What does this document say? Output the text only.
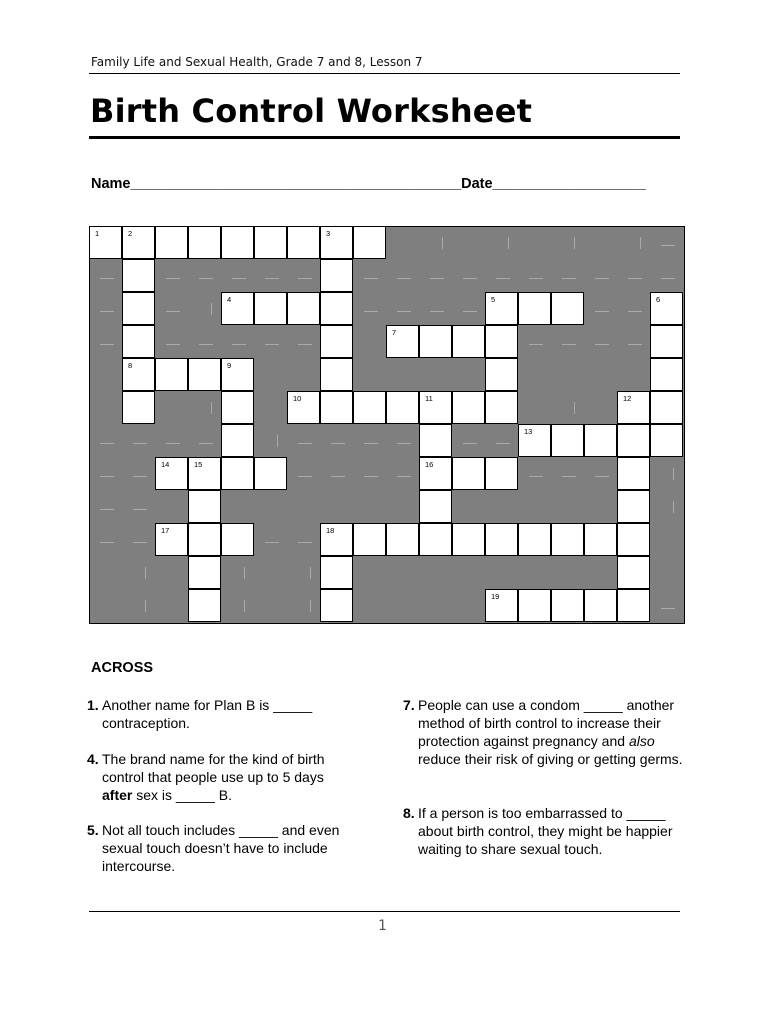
Family Life and Sexual Health, Grade 7 and 8, Lesson 7
Birth Control Worksheet
Name_________________________________________Date___________________
1	2	3
4	5	6
7
8	9
10	11	12
13
14	15	16
17	18
19
ACROSS
1. Another name for Plan B is _____ contraception.
4. The brand name for the kind of birth control that people use up to 5 days after sex is _____ B.
5. Not all touch includes _____ and even sexual touch doesn’t have to include intercourse.
7. People can use a condom _____ another method of birth control to increase their protection against pregnancy and also reduce their risk of giving or getting germs.
8. If a person is too embarrassed to _____ about birth control, they might be happier waiting to share sexual touch.
1
